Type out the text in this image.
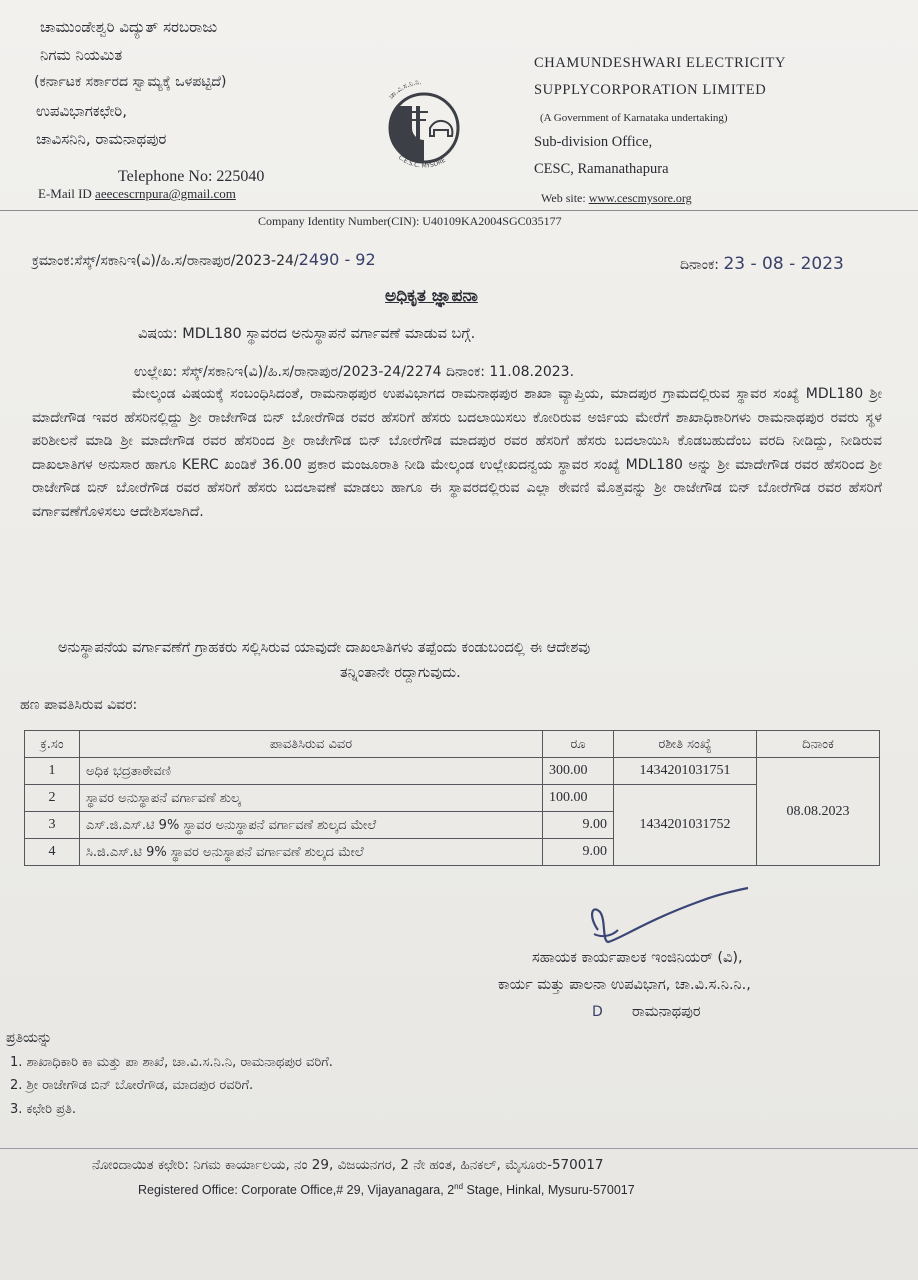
ಚಾಮುಂಡೇಶ್ವರಿ ವಿದ್ಯುತ್ ಸರಬರಾಜು
ನಿಗಮ ನಿಯಮಿತ
(ಕರ್ನಾಟಕ ಸರ್ಕಾರದ ಸ್ವಾಮ್ಯಕ್ಕೆ ಒಳಪಟ್ಟಿದೆ)
ಉಪವಿಭಾಗಕಛೇರಿ,
ಚಾವಿಸನಿನಿ, ರಾಮನಾಥಪುರ
Telephone No: 225040
E-Mail ID aeecescrnpura@gmail.com
ಚಾ.ವಿ.ಸ.ನಿ.ನಿ.
C.E.S.C. MYSORE
CHAMUNDESHWARI ELECTRICITY
SUPPLYCORPORATION LIMITED
(A Government of Karnataka undertaking)
Sub-division Office,
CESC, Ramanathapura
Web site: www.cescmysore.org
Company Identity Number(CIN): U40109KA2004SGC035177
ಕ್ರಮಾಂಕ:ಸೆಸ್ಕ್/ಸಕಾನಿಇ(ವಿ)/ಹಿ.ಸ/ರಾನಾಪುರ/2023-24/2490 - 92	ದಿನಾಂಕ: 23 - 08 - 2023
ಅಧಿಕೃತ ಜ್ಞಾಪನಾ
ವಿಷಯ: MDL180 ಸ್ಥಾವರದ ಅನುಸ್ಥಾಪನೆ ವರ್ಗಾವಣೆ ಮಾಡುವ ಬಗ್ಗೆ.
ಉಲ್ಲೇಖ: ಸೆಸ್ಕ್/ಸಕಾನಿಇ(ವಿ)/ಹಿ.ಸ/ರಾನಾಪುರ/2023-24/2274 ದಿನಾಂಕ: 11.08.2023.
ಮೇಲ್ಕಂಡ ವಿಷಯಕ್ಕೆ ಸಂಬಂಧಿಸಿದಂತೆ, ರಾಮನಾಥಪುರ ಉಪವಿಭಾಗದ ರಾಮನಾಥಪುರ ಶಾಖಾ ವ್ಯಾಪ್ತಿಯ, ಮಾದಪುರ ಗ್ರಾಮದಲ್ಲಿರುವ ಸ್ಥಾವರ ಸಂಖ್ಯೆ MDL180 ಶ್ರೀ ಮಾದೇಗೌಡ ಇವರ ಹೆಸರಿನಲ್ಲಿದ್ದು ಶ್ರೀ ರಾಜೇಗೌಡ ಬಿನ್ ಬೋರೆಗೌಡ ರವರ ಹೆಸರಿಗೆ ಹೆಸರು ಬದಲಾಯಿಸಲು ಕೋರಿರುವ ಅರ್ಜಿಯ ಮೇರೆಗೆ ಶಾಖಾಧಿಕಾರಿಗಳು ರಾಮನಾಥಪುರ ರವರು ಸ್ಥಳ ಪರಿಶೀಲನೆ ಮಾಡಿ ಶ್ರೀ ಮಾದೇಗೌಡ ರವರ ಹೆಸರಿಂದ ಶ್ರೀ ರಾಜೇಗೌಡ ಬಿನ್ ಬೋರೆಗೌಡ ಮಾದಪುರ ರವರ ಹೆಸರಿಗೆ ಹೆಸರು ಬದಲಾಯಿಸಿ ಕೊಡಬಹುದೆಂಬ ವರದಿ ನೀಡಿದ್ದು, ನೀಡಿರುವ ದಾಖಲಾತಿಗಳ ಅನುಸಾರ ಹಾಗೂ KERC ಖಂಡಿಕೆ 36.00 ಪ್ರಕಾರ ಮಂಜೂರಾತಿ ನೀಡಿ ಮೇಲ್ಕಂಡ ಉಲ್ಲೇಖದನ್ವಯ ಸ್ಥಾವರ ಸಂಖ್ಯೆ MDL180 ಅನ್ನು ಶ್ರೀ ಮಾದೇಗೌಡ ರವರ ಹೆಸರಿಂದ ಶ್ರೀ ರಾಜೇಗೌಡ ಬಿನ್ ಬೋರೆಗೌಡ ರವರ ಹೆಸರಿಗೆ ಹೆಸರು ಬದಲಾವಣೆ ಮಾಡಲು ಹಾಗೂ ಈ ಸ್ಥಾವರದಲ್ಲಿರುವ ಎಲ್ಲಾ ಠೇವಣಿ ಮೊತ್ತವನ್ನು ಶ್ರೀ ರಾಜೇಗೌಡ ಬಿನ್ ಬೋರೆಗೌಡ ರವರ ಹೆಸರಿಗೆ ವರ್ಗಾವಣೆಗೊಳಿಸಲು ಆದೇಶಿಸಲಾಗಿದೆ.
ಅನುಸ್ಥಾಪನೆಯ ವರ್ಗಾವಣೆಗೆ ಗ್ರಾಹಕರು ಸಲ್ಲಿಸಿರುವ ಯಾವುದೇ ದಾಖಲಾತಿಗಳು ತಪ್ಪೆಂದು ಕಂಡುಬಂದಲ್ಲಿ ಈ ಆದೇಶವು
ತನ್ನಿಂತಾನೇ ರದ್ದಾಗುವುದು.
ಹಣ ಪಾವತಿಸಿರುವ ವಿವರ:
ಕ್ರ.ಸಂ	ಪಾವತಿಸಿರುವ ವಿವರ	ರೂ	ರಶೀತಿ ಸಂಖ್ಯೆ	ದಿನಾಂಕ
1	ಅಧಿಕ ಭದ್ರತಾಠೇವಣಿ	300.00	1434201031751	08.08.2023
2	ಸ್ಥಾವರ ಅನುಸ್ಥಾಪನೆ ವರ್ಗಾವಣೆ ಶುಲ್ಕ	100.00	1434201031752	
3	ಎಸ್.ಜಿ.ಎಸ್.ಟಿ 9% ಸ್ಥಾವರ ಅನುಸ್ಥಾಪನೆ ವರ್ಗಾವಣೆ ಶುಲ್ಕದ ಮೇಲೆ	9.00		
4	ಸಿ.ಜಿ.ಎಸ್.ಟಿ 9% ಸ್ಥಾವರ ಅನುಸ್ಥಾಪನೆ ವರ್ಗಾವಣೆ ಶುಲ್ಕದ ಮೇಲೆ	9.00		
ಸಹಾಯಕ ಕಾರ್ಯಪಾಲಕ ಇಂಜಿನಿಯರ್ (ವಿ),
ಕಾರ್ಯ ಮತ್ತು ಪಾಲನಾ ಉಪವಿಭಾಗ, ಚಾ.ವಿ.ಸ.ನಿ.ನಿ.,
D ರಾಮನಾಥಪುರ
ಪ್ರತಿಯನ್ನು
1. ಶಾಖಾಧಿಕಾರಿ ಕಾ ಮತ್ತು ಪಾ ಶಾಖೆ, ಚಾ.ವಿ.ಸ.ನಿ.ನಿ, ರಾಮನಾಥಪುರ ವರಿಗೆ.
2. ಶ್ರೀ ರಾಜೇಗೌಡ ಬಿನ್ ಬೋರೆಗೌಡ, ಮಾದಪುರ ರವರಿಗೆ.
3. ಕಛೇರಿ ಪ್ರತಿ.
ನೋಂದಾಯಿತ ಕಛೇರಿ: ನಿಗಮ ಕಾರ್ಯಾಲಯ, ನಂ 29, ವಿಜಯನಗರ, 2 ನೇ ಹಂತ, ಹಿನಕಲ್, ಮೈಸೂರು-570017
Registered Office: Corporate Office,# 29, Vijayanagara, 2nd Stage, Hinkal, Mysuru-570017
